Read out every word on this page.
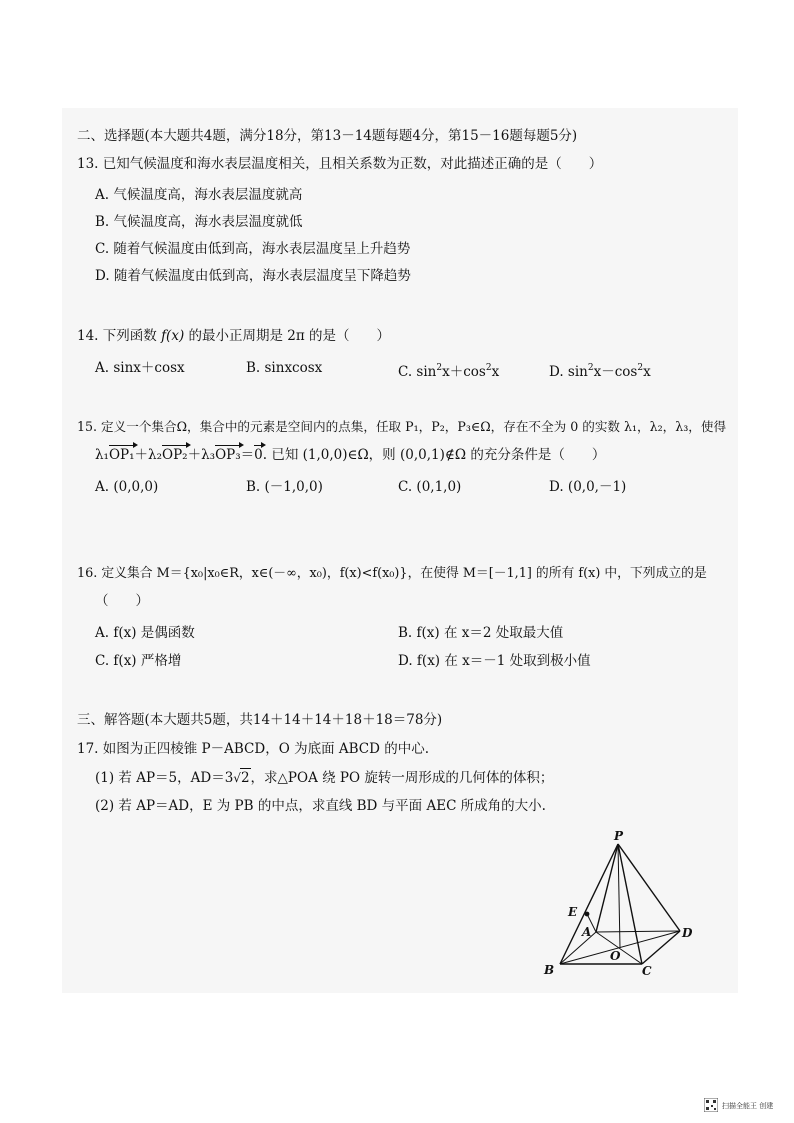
二、选择题(本大题共4题，满分18分，第13－14题每题4分，第15－16题每题5分)
13. 已知气候温度和海水表层温度相关，且相关系数为正数，对此描述正确的是（　　）
A. 气候温度高，海水表层温度就高
B. 气候温度高，海水表层温度就低
C. 随着气候温度由低到高，海水表层温度呈上升趋势
D. 随着气候温度由低到高，海水表层温度呈下降趋势
14. 下列函数 f(x) 的最小正周期是 2π 的是（　　）
A. sinx＋cosx	B. sinxcosx	C. $\sin^2x+\cos^2x$	D. $\sin^2x-\cos^2x$
15. 定义一个集合Ω，集合中的元素是空间内的点集，任取 P₁，P₂，P₃∈Ω，存在不全为 0 的实数 λ₁，λ₂，λ₃，使得
λ₁OP₁＋λ₂OP₂＋λ₃OP₃＝0. 已知 (1,0,0)∈Ω，则 (0,0,1)∉Ω 的充分条件是（　　）
A. (0,0,0)	B. (－1,0,0)	C. (0,1,0)	D. (0,0,－1)
16. 定义集合 M＝{x₀|x₀∈R，x∈(－∞，x₀)，f(x)<f(x₀)}，在使得 M＝[－1,1] 的所有 f(x) 中，下列成立的是
（　　）
A. f(x) 是偶函数	B. f(x) 在 x＝2 处取最大值
C. f(x) 严格增	D. f(x) 在 x＝－1 处取到极小值
三、解答题(本大题共5题，共14＋14＋14＋18＋18＝78分)
17. 如图为正四棱锥 P－ABCD，O 为底面 ABCD 的中心.
(1) 若 AP＝5，AD＝3√2，求△POA 绕 PO 旋转一周形成的几何体的体积；
(2) 若 AP＝AD，E 为 PB 的中点，求直线 BD 与平面 AEC 所成角的大小.
P
E
A	D
O
B	C
扫描全能王 创建
